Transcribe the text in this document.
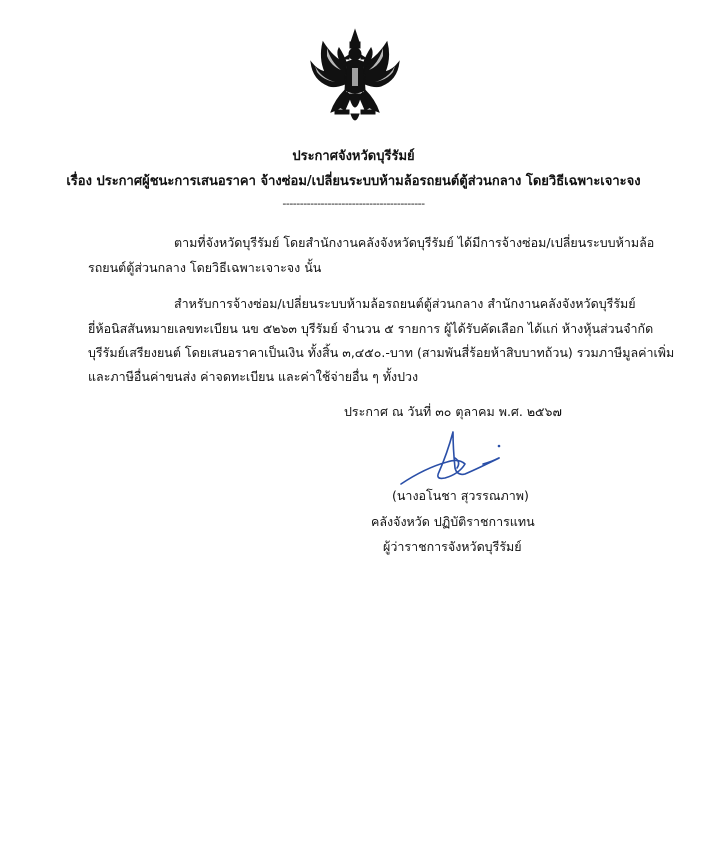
ประกาศจังหวัดบุรีรัมย์
เรื่อง ประกาศผู้ชนะการเสนอราคา จ้างซ่อม/เปลี่ยนระบบห้ามล้อรถยนต์ตู้ส่วนกลาง โดยวิธีเฉพาะเจาะจง
-----------------------------------------
ตามที่จังหวัดบุรีรัมย์ โดยสำนักงานคลังจังหวัดบุรีรัมย์ ได้มีการจ้างซ่อม/เปลี่ยนระบบห้ามล้อ
รถยนต์ตู้ส่วนกลาง โดยวิธีเฉพาะเจาะจง นั้น
สำหรับการจ้างซ่อม/เปลี่ยนระบบห้ามล้อรถยนต์ตู้ส่วนกลาง สำนักงานคลังจังหวัดบุรีรัมย์
ยี่ห้อนิสสันหมายเลขทะเบียน นข ๕๒๖๓ บุรีรัมย์ จำนวน ๕ รายการ ผู้ได้รับคัดเลือก ได้แก่ ห้างหุ้นส่วนจำกัด
บุรีรัมย์เสรียงยนต์ โดยเสนอราคาเป็นเงิน ทั้งสิ้น ๓,๔๕๐.-บาท (สามพันสี่ร้อยห้าสิบบาทถ้วน) รวมภาษีมูลค่าเพิ่ม
และภาษีอื่นค่าขนส่ง ค่าจดทะเบียน และค่าใช้จ่ายอื่น ๆ ทั้งปวง
ประกาศ ณ วันที่ ๓๐ ตุลาคม พ.ศ. ๒๕๖๗
(นางอโนชา สุวรรณภาพ)
คลังจังหวัด ปฏิบัติราชการแทน
ผู้ว่าราชการจังหวัดบุรีรัมย์
